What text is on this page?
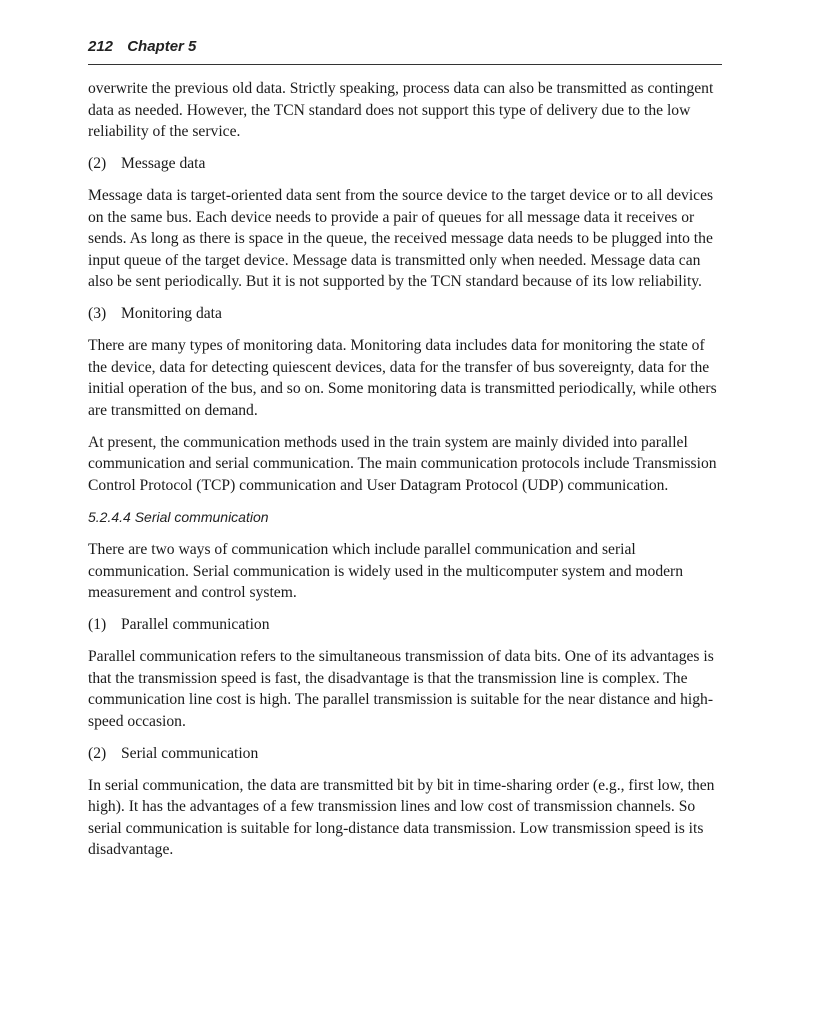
212 Chapter 5

overwrite the previous old data. Strictly speaking, process data can also be transmitted as contingent data as needed. However, the TCN standard does not support this type of delivery due to the low reliability of the service.

(2) Message data

Message data is target-oriented data sent from the source device to the target device or to all devices on the same bus. Each device needs to provide a pair of queues for all message data it receives or sends. As long as there is space in the queue, the received message data needs to be plugged into the input queue of the target device. Message data is transmitted only when needed. Message data can also be sent periodically. But it is not supported by the TCN standard because of its low reliability.

(3) Monitoring data

There are many types of monitoring data. Monitoring data includes data for monitoring the state of the device, data for detecting quiescent devices, data for the transfer of bus sovereignty, data for the initial operation of the bus, and so on. Some monitoring data is transmitted periodically, while others are transmitted on demand.

At present, the communication methods used in the train system are mainly divided into parallel communication and serial communication. The main communication protocols include Transmission Control Protocol (TCP) communication and User Datagram Protocol (UDP) communication.

5.2.4.4 Serial communication

There are two ways of communication which include parallel communication and serial communication. Serial communication is widely used in the multicomputer system and modern measurement and control system.

(1) Parallel communication

Parallel communication refers to the simultaneous transmission of data bits. One of its advantages is that the transmission speed is fast, the disadvantage is that the transmission line is complex. The communication line cost is high. The parallel transmission is suitable for the near distance and high-speed occasion.

(2) Serial communication

In serial communication, the data are transmitted bit by bit in time-sharing order (e.g., first low, then high). It has the advantages of a few transmission lines and low cost of transmission channels. So serial communication is suitable for long-distance data transmission. Low transmission speed is its disadvantage.
